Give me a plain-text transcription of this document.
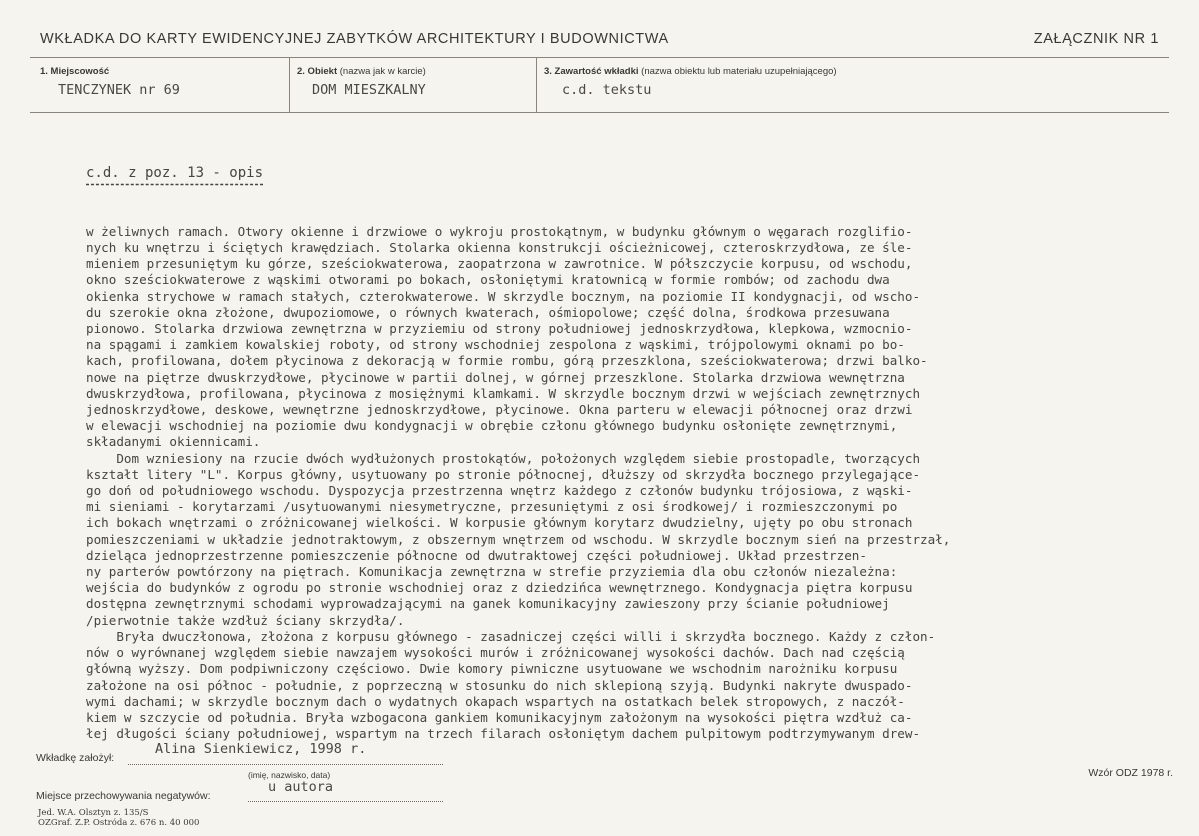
WKŁADKA DO KARTY EWIDENCYJNEJ ZABYTKÓW ARCHITEKTURY I BUDOWNICTWA	ZAŁĄCZNIK NR 1
1. Miejscowość
TENCZYNEK nr 69
2. Obiekt (nazwa jak w karcie)
DOM MIESZKALNY
3. Zawartość wkładki (nazwa obiektu lub materiału uzupełniającego)
c.d. tekstu

c.d. z poz. 13 - opis

w żeliwnych ramach. Otwory okienne i drzwiowe o wykroju prostokątnym, w budynku głównym o węgarach rozglifio-
nych ku wnętrzu i ściętych krawędziach. Stolarka okienna konstrukcji ościeżnicowej, czteroskrzydłowa, ze śle-
mieniem przesuniętym ku górze, sześciokwaterowa, zaopatrzona w zawrotnice. W półszczycie korpusu, od wschodu,
okno sześciokwaterowe z wąskimi otworami po bokach, osłoniętymi kratownicą w formie rombów; od zachodu dwa
okienka strychowe w ramach stałych, czterokwaterowe. W skrzydle bocznym, na poziomie II kondygnacji, od wscho-
du szerokie okna złożone, dwupoziomowe, o równych kwaterach, ośmiopolowe; część dolna, środkowa przesuwana
pionowo. Stolarka drzwiowa zewnętrzna w przyziemiu od strony południowej jednoskrzydłowa, klepkowa, wzmocnio-
na spągami i zamkiem kowalskiej roboty, od strony wschodniej zespolona z wąskimi, trójpolowymi oknami po bo-
kach, profilowana, dołem płycinowa z dekoracją w formie rombu, górą przeszklona, sześciokwaterowa; drzwi balko-
nowe na piętrze dwuskrzydłowe, płycinowe w partii dolnej, w górnej przeszklone. Stolarka drzwiowa wewnętrzna
dwuskrzydłowa, profilowana, płycinowa z mosiężnymi klamkami. W skrzydle bocznym drzwi w wejściach zewnętrznych
jednoskrzydłowe, deskowe, wewnętrzne jednoskrzydłowe, płycinowe. Okna parteru w elewacji północnej oraz drzwi
w elewacji wschodniej na poziomie dwu kondygnacji w obrębie członu głównego budynku osłonięte zewnętrznymi,
składanymi okiennicami.
Dom wzniesiony na rzucie dwóch wydłużonych prostokątów, położonych względem siebie prostopadle, tworzących
kształt litery "L". Korpus główny, usytuowany po stronie północnej, dłuższy od skrzydła bocznego przylegające-
go doń od południowego wschodu. Dyspozycja przestrzenna wnętrz każdego z członów budynku trójosiowa, z wąski-
mi sieniami - korytarzami /usytuowanymi niesymetryczne, przesuniętymi z osi środkowej/ i rozmieszczonymi po
ich bokach wnętrzami o zróżnicowanej wielkości. W korpusie głównym korytarz dwudzielny, ujęty po obu stronach
pomieszczeniami w układzie jednotraktowym, z obszernym wnętrzem od wschodu. W skrzydle bocznym sień na przestrzał,
dzieląca jednoprzestrzenne pomieszczenie północne od dwutraktowej części południowej. Układ przestrzen-
ny parterów powtórzony na piętrach. Komunikacja zewnętrzna w strefie przyziemia dla obu członów niezależna:
wejścia do budynków z ogrodu po stronie wschodniej oraz z dziedzińca wewnętrznego. Kondygnacja piętra korpusu
dostępna zewnętrznymi schodami wyprowadzającymi na ganek komunikacyjny zawieszony przy ścianie południowej
/pierwotnie także wzdłuż ściany skrzydła/.
Bryła dwuczłonowa, złożona z korpusu głównego - zasadniczej części willi i skrzydła bocznego. Każdy z człon-
nów o wyrównanej względem siebie nawzajem wysokości murów i zróżnicowanej wysokości dachów. Dach nad częścią
główną wyższy. Dom podpiwniczony częściowo. Dwie komory piwniczne usytuowane we wschodnim narożniku korpusu
założone na osi północ - południe, z poprzeczną w stosunku do nich sklepioną szyją. Budynki nakryte dwuspado-
wymi dachami; w skrzydle bocznym dach o wydatnych okapach wspartych na ostatkach belek stropowych, z naczół-
kiem w szczycie od południa. Bryła wzbogacona gankiem komunikacyjnym założonym na wysokości piętra wzdłuż ca-
łej długości ściany południowej, wspartym na trzech filarach osłoniętym dachem pulpitowym podtrzymywanym drew-

Wkładkę założył:
Alina Sienkiewicz, 1998 r.
(imię, nazwisko, data)
Miejsce przechowywania negatywów:
u autora
Jed. W.A. Olsztyn z. 135/S
OZGraf. Z.P. Ostróda z. 676 n. 40 000
Wzór ODZ 1978 r.
